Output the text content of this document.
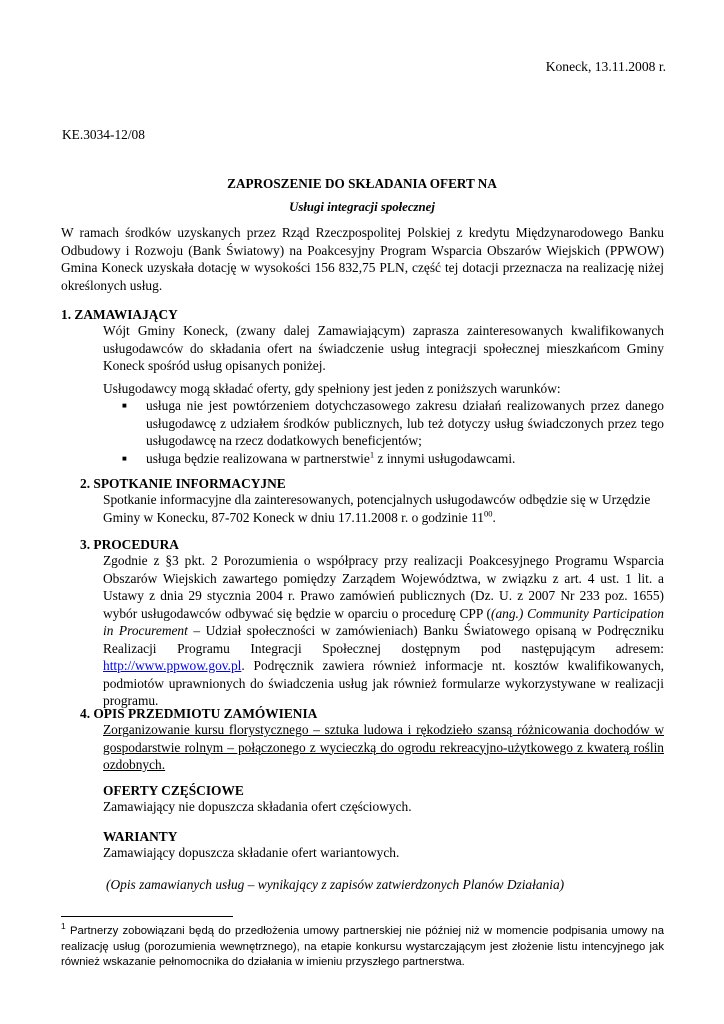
Koneck, 13.11.2008 r.
KE.3034-12/08
ZAPROSZENIE DO SKŁADANIA OFERT NA
Usługi integracji społecznej
W ramach środków uzyskanych przez Rząd Rzeczpospolitej Polskiej z kredytu Międzynarodowego Banku Odbudowy i Rozwoju (Bank Światowy) na Poakcesyjny Program Wsparcia Obszarów Wiejskich (PPWOW) Gmina Koneck uzyskała dotację w wysokości 156 832,75 PLN, część tej dotacji przeznacza na realizację niżej określonych usług.
1. ZAMAWIAJĄCY
Wójt Gminy Koneck, (zwany dalej Zamawiającym) zaprasza zainteresowanych kwalifikowanych usługodawców do składania ofert na świadczenie usług integracji społecznej mieszkańcom Gminy Koneck spośród usług opisanych poniżej.
Usługodawcy mogą składać oferty, gdy spełniony jest jeden z poniższych warunków:
■ usługa nie jest powtórzeniem dotychczasowego zakresu działań realizowanych przez danego usługodawcę z udziałem środków publicznych, lub też dotyczy usług świadczonych przez tego usługodawcę na rzecz dodatkowych beneficjentów;
■ usługa będzie realizowana w partnerstwie$^1$ z innymi usługodawcami.
2. SPOTKANIE INFORMACYJNE
Spotkanie informacyjne dla zainteresowanych, potencjalnych usługodawców odbędzie się w Urzędzie Gminy w Konecku, 87-702 Koneck w dniu 17.11.2008 r. o godzinie $11^{00}$.
3. PROCEDURA
Zgodnie z §3 pkt. 2 Porozumienia o współpracy przy realizacji Poakcesyjnego Programu Wsparcia Obszarów Wiejskich zawartego pomiędzy Zarządem Województwa, w związku z art. 4 ust. 1 lit. a Ustawy z dnia 29 stycznia 2004 r. Prawo zamówień publicznych (Dz. U. z 2007 Nr 233 poz. 1655) wybór usługodawców odbywać się będzie w oparciu o procedurę CPP ((ang.) Community Participation in Procurement – Udział społeczności w zamówieniach) Banku Światowego opisaną w Podręczniku Realizacji Programu Integracji Społecznej dostępnym pod następującym adresem: http://www.ppwow.gov.pl. Podręcznik zawiera również informacje nt. kosztów kwalifikowanych, podmiotów uprawnionych do świadczenia usług jak również formularze wykorzystywane w realizacji programu.
4. OPIS PRZEDMIOTU ZAMÓWIENIA
Zorganizowanie kursu florystycznego – sztuka ludowa i rękodzieło szansą różnicowania dochodów w gospodarstwie rolnym – połączonego z wycieczką do ogrodu rekreacyjno-użytkowego z kwaterą roślin ozdobnych.
OFERTY CZĘŚCIOWE
Zamawiający nie dopuszcza składania ofert częściowych.
WARIANTY
Zamawiający dopuszcza składanie ofert wariantowych.
(Opis zamawianych usług – wynikający z zapisów zatwierdzonych Planów Działania)
$^1$ Partnerzy zobowiązani będą do przedłożenia umowy partnerskiej nie później niż w momencie podpisania umowy na realizację usług (porozumienia wewnętrznego), na etapie konkursu wystarczającym jest złożenie listu intencyjnego jak również wskazanie pełnomocnika do działania w imieniu przyszłego partnerstwa.
